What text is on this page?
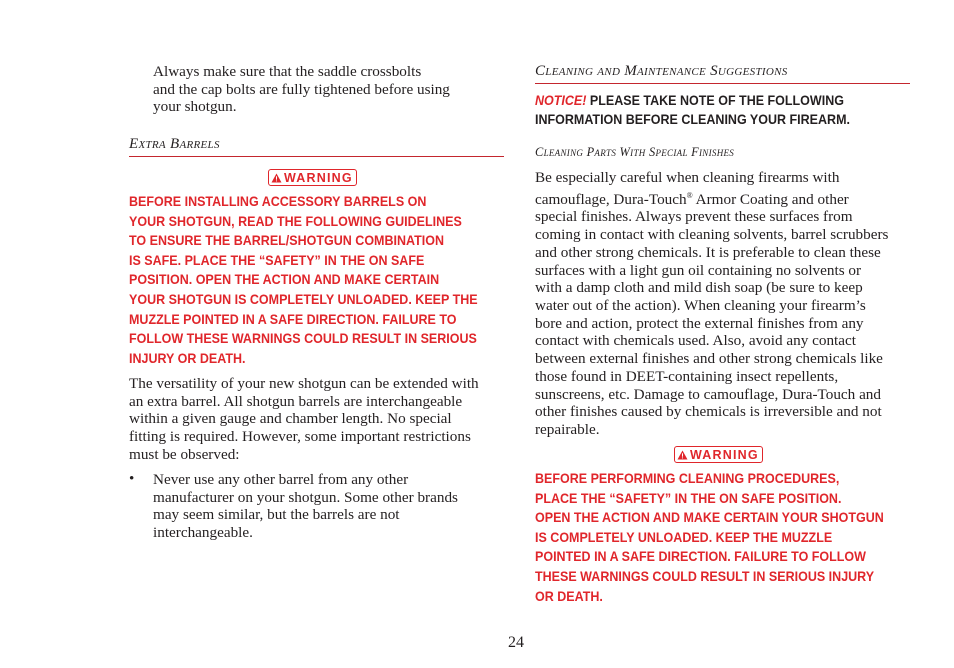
Always make sure that the saddle crossbolts
and the cap bolts are fully tightened before using
your shotgun.
Extra Barrels
WARNING
BEFORE INSTALLING ACCESSORY BARRELS ON
YOUR SHOTGUN, READ THE FOLLOWING GUIDELINES
TO ENSURE THE BARREL/SHOTGUN COMBINATION
IS SAFE. PLACE THE “SAFETY” IN THE ON SAFE
POSITION. OPEN THE ACTION AND MAKE CERTAIN
YOUR SHOTGUN IS COMPLETELY UNLOADED. KEEP THE
MUZZLE POINTED IN A SAFE DIRECTION. FAILURE TO
FOLLOW THESE WARNINGS COULD RESULT IN SERIOUS
INJURY OR DEATH.
The versatility of your new shotgun can be extended with
an extra barrel. All shotgun barrels are interchangeable
within a given gauge and chamber length. No special
fitting is required. However, some important restrictions
must be observed:
• Never use any other barrel from any other
manufacturer on your shotgun. Some other brands
may seem similar, but the barrels are not
interchangeable.
Cleaning and Maintenance Suggestions
NOTICE! PLEASE TAKE NOTE OF THE FOLLOWING
INFORMATION BEFORE CLEANING YOUR FIREARM.
Cleaning Parts With Special Finishes
Be especially careful when cleaning firearms with
camouflage, Dura-Touch® Armor Coating and other
special finishes. Always prevent these surfaces from
coming in contact with cleaning solvents, barrel scrubbers
and other strong chemicals. It is preferable to clean these
surfaces with a light gun oil containing no solvents or
with a damp cloth and mild dish soap (be sure to keep
water out of the action). When cleaning your firearm’s
bore and action, protect the external finishes from any
contact with chemicals used. Also, avoid any contact
between external finishes and other strong chemicals like
those found in DEET-containing insect repellents,
sunscreens, etc. Damage to camouflage, Dura-Touch and
other finishes caused by chemicals is irreversible and not
repairable.
WARNING
BEFORE PERFORMING CLEANING PROCEDURES,
PLACE THE “SAFETY” IN THE ON SAFE POSITION.
OPEN THE ACTION AND MAKE CERTAIN YOUR SHOTGUN
IS COMPLETELY UNLOADED. KEEP THE MUZZLE
POINTED IN A SAFE DIRECTION. FAILURE TO FOLLOW
THESE WARNINGS COULD RESULT IN SERIOUS INJURY
OR DEATH.
24
